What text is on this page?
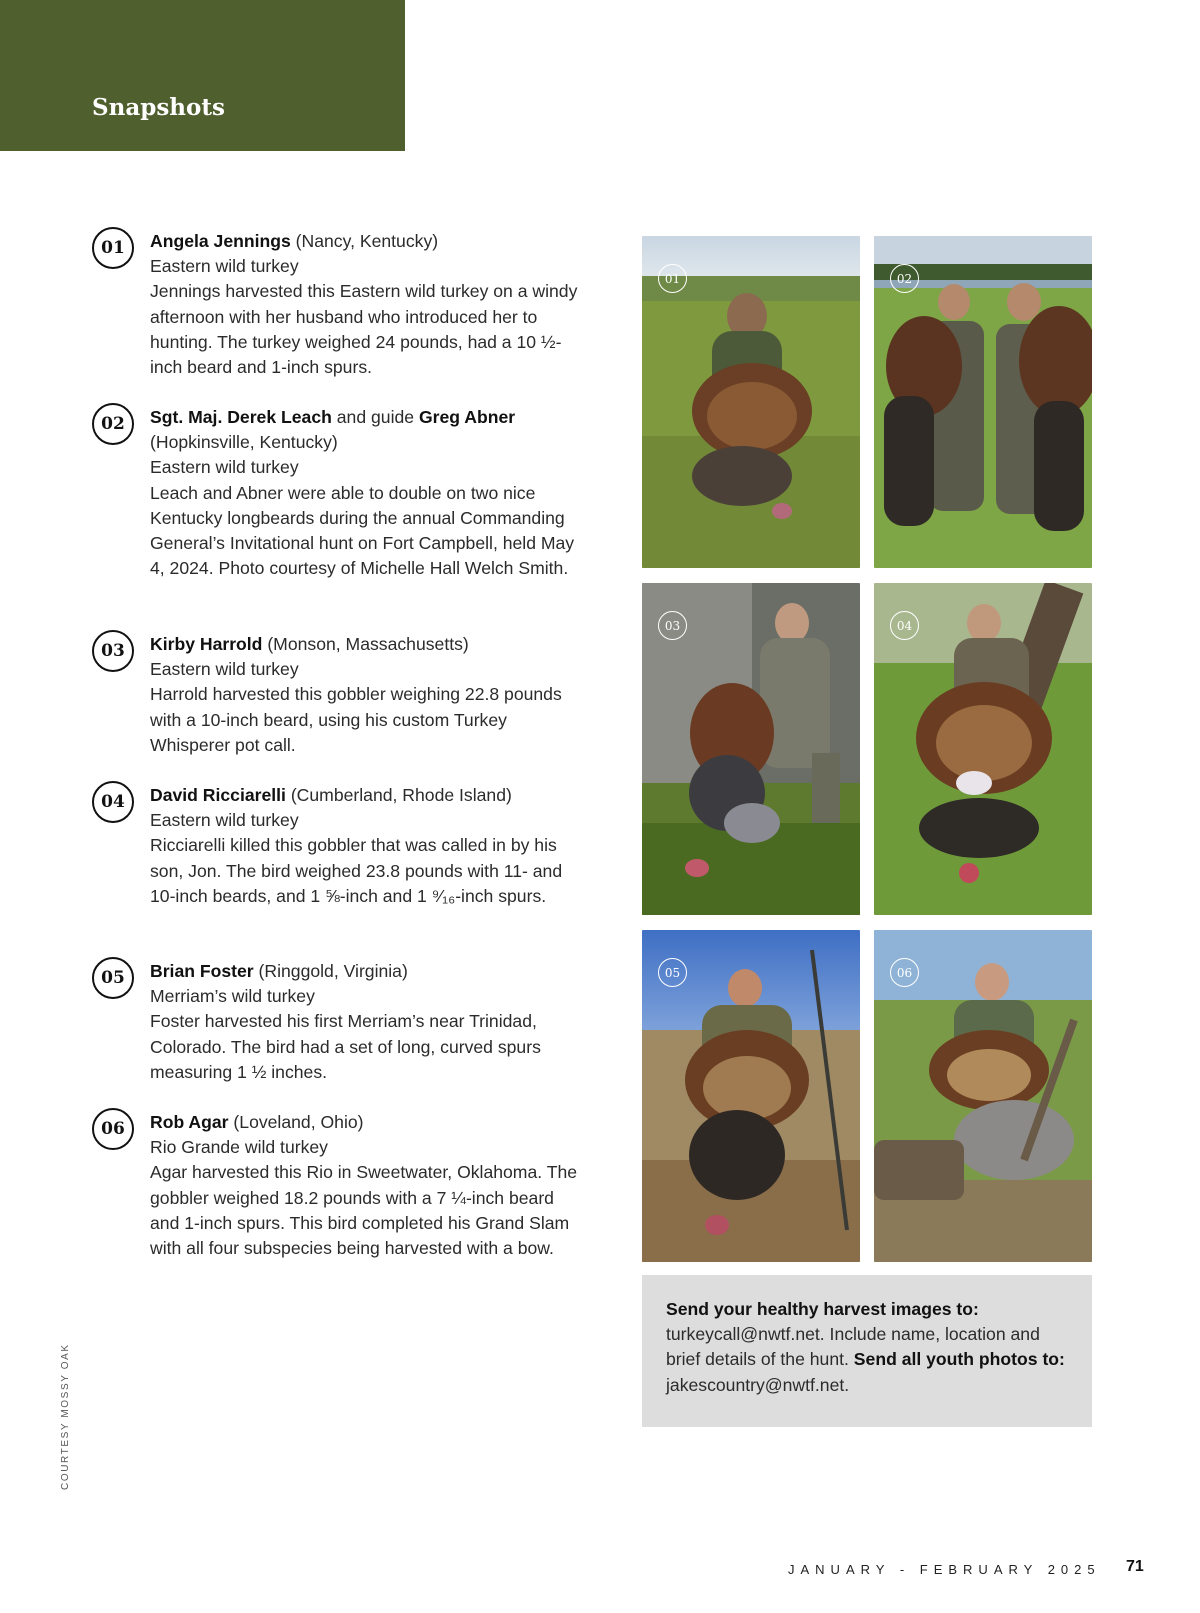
Snapshots
01	Angela Jennings (Nancy, Kentucky)

Eastern wild turkey

Jennings harvested this Eastern wild turkey on a windy afternoon with her husband who introduced her to hunting. The turkey weighed 24 pounds, had a 10 ½-inch beard and 1-inch spurs.

02	Sgt. Maj. Derek Leach and guide Greg Abner (Hopkinsville, Kentucky)

Eastern wild turkey

Leach and Abner were able to double on two nice Kentucky longbeards during the annual Commanding General’s Invitational hunt on Fort Campbell, held May 4, 2024. Photo courtesy of Michelle Hall Welch Smith.

03	Kirby Harrold (Monson, Massachusetts)

Eastern wild turkey

Harrold harvested this gobbler weighing 22.8 pounds with a 10-inch beard, using his custom Turkey Whisperer pot call.

04	David Ricciarelli (Cumberland, Rhode Island)

Eastern wild turkey

Ricciarelli killed this gobbler that was called in by his son, Jon. The bird weighed 23.8 pounds with 11- and 10-inch beards, and 1 ⅝-inch and 1 ⁹⁄₁₆-inch spurs.

05	Brian Foster (Ringgold, Virginia)

Merriam’s wild turkey

Foster harvested his first Merriam’s near Trinidad, Colorado. The bird had a set of long, curved spurs measuring 1 ½ inches.

06	Rob Agar (Loveland, Ohio)

Rio Grande wild turkey

Agar harvested this Rio in Sweetwater, Oklahoma. The gobbler weighed 18.2 pounds with a 7 ¼-inch beard and 1-inch spurs. This bird completed his Grand Slam with all four subspecies being harvested with a bow.

01	02
03	04
05	06

Send your healthy harvest images to: turkeycall@nwtf.net. Include name, location and brief details of the hunt. Send all youth photos to: jakescountry@nwtf.net.

COURTESY MOSSY OAK
JANUARY - FEBRUARY 2025 71
